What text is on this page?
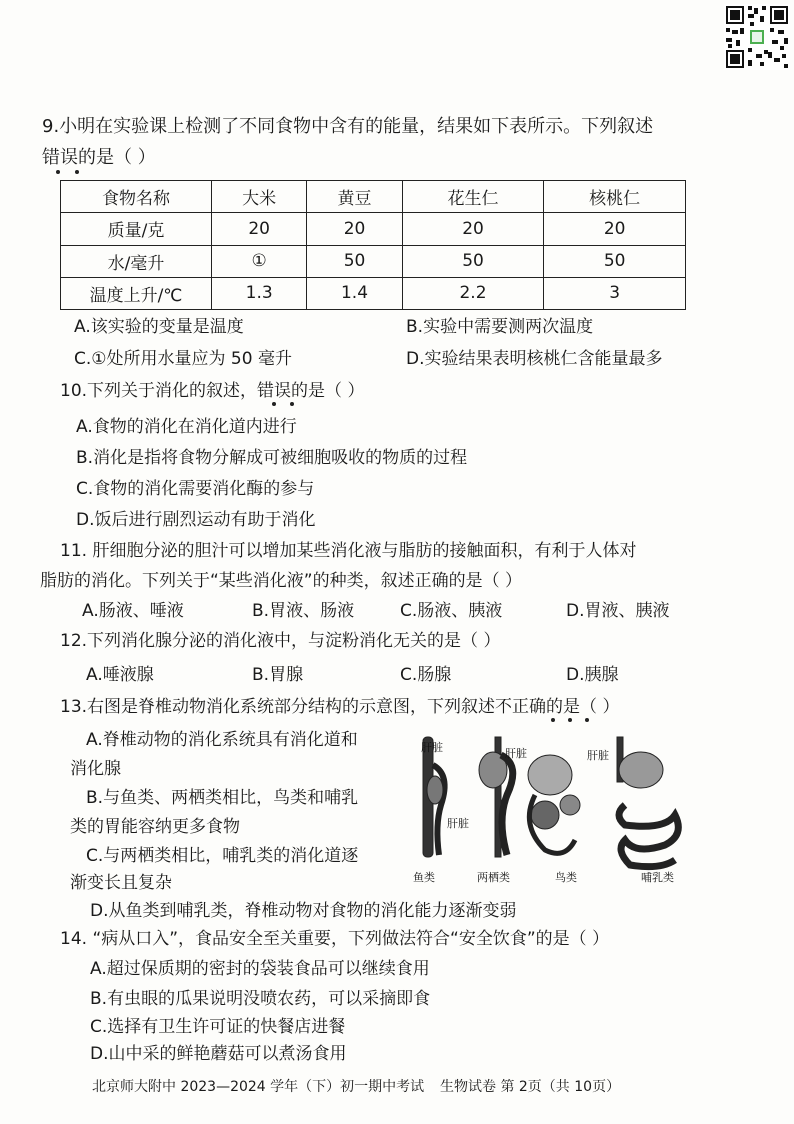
9.小明在实验课上检测了不同食物中含有的能量，结果如下表所示。下列叙述
错误的是（ ）
食物名称	大米	黄豆	花生仁	核桃仁
质量/克	20	20	20	20
水/毫升	①	50	50	50
温度上升/℃	1.3	1.4	2.2	3
A.该实验的变量是温度	B.实验中需要测两次温度
C.①处所用水量应为 50 毫升	D.实验结果表明核桃仁含能量最多
10.下列关于消化的叙述，错误的是（ ）
A.食物的消化在消化道内进行
B.消化是指将食物分解成可被细胞吸收的物质的过程
C.食物的消化需要消化酶的参与
D.饭后进行剧烈运动有助于消化
11. 肝细胞分泌的胆汁可以增加某些消化液与脂肪的接触面积，有利于人体对
脂肪的消化。下列关于“某些消化液”的种类，叙述正确的是（ ）
A.肠液、唾液	B.胃液、肠液	C.肠液、胰液	D.胃液、胰液
12.下列消化腺分泌的消化液中，与淀粉消化无关的是（ ）
A.唾液腺	B.胃腺	C.肠腺	D.胰腺
13.右图是脊椎动物消化系统部分结构的示意图，下列叙述不正确的是（ ）
A.脊椎动物的消化系统具有消化道和
消化腺
B.与鱼类、两栖类相比，鸟类和哺乳
类的胃能容纳更多食物
C.与两栖类相比，哺乳类的消化道逐
渐变长且复杂
肝脏
肝脏
肝脏	肝脏
鱼类	两栖类	鸟类	哺乳类
D.从鱼类到哺乳类，脊椎动物对食物的消化能力逐渐变弱
14. “病从口入”，食品安全至关重要，下列做法符合“安全饮食”的是（ ）
A.超过保质期的密封的袋装食品可以继续食用
B.有虫眼的瓜果说明没喷农药，可以采摘即食
C.选择有卫生许可证的快餐店进餐
D.山中采的鲜艳蘑菇可以煮汤食用
北京师大附中 2023—2024 学年（下）初一期中考试 生物试卷 第 2页（共 10页）
